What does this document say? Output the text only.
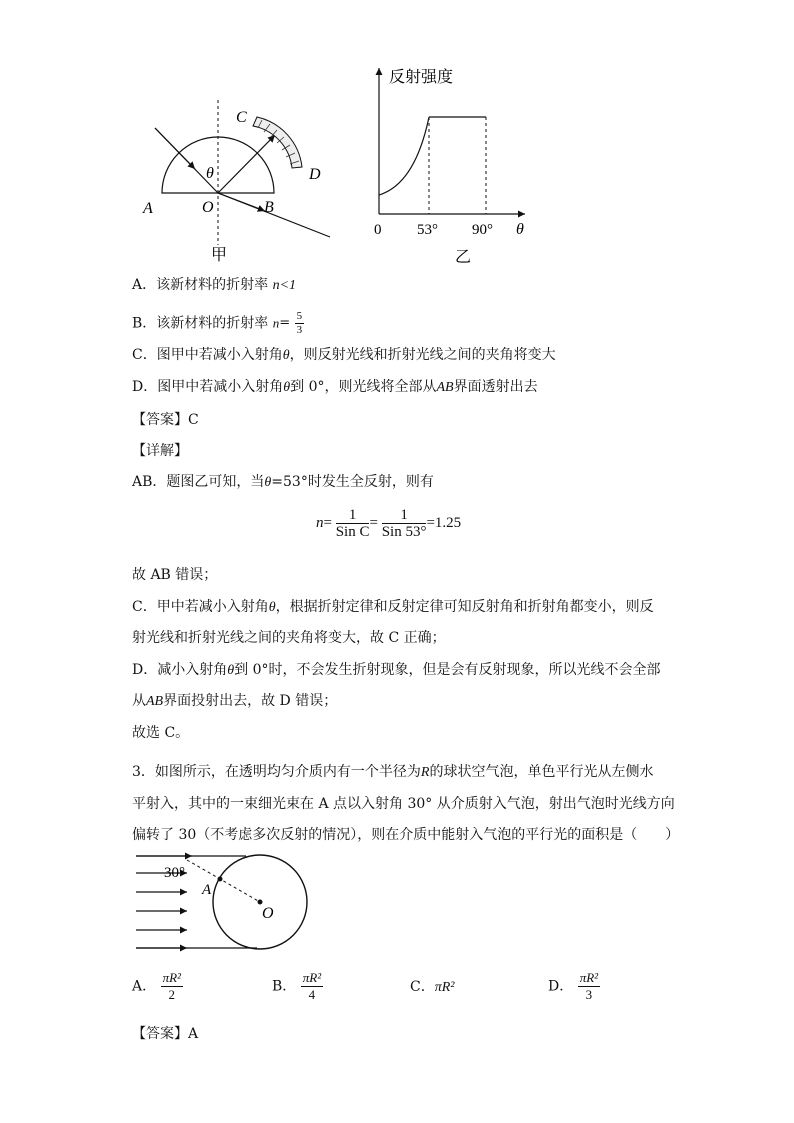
A	O	B
C
D
θ
甲
反射强度
0 53° 90° θ
乙
A．该新材料的折射率 n<1
B．该新材料的折射率 $n= \frac{5}{3}$
C．图甲中若减小入射角θ，则反射光线和折射光线之间的夹角将变大
D．图甲中若减小入射角θ到 0°，则光线将全部从AB界面透射出去
【答案】C
【详解】
AB．题图乙可知，当θ=53°时发生全反射，则有
$n= \frac{1}{\text{Sin C}} = \frac{1}{\text{Sin 53°}} =1.25$
故 AB 错误；
C．甲中若减小入射角θ，根据折射定律和反射定律可知反射角和折射角都变小，则反
射光线和折射光线之间的夹角将变大，故 C 正确；
D．减小入射角θ到 0°时，不会发生折射现象，但是会有反射现象，所以光线不会全部
从AB界面投射出去，故 D 错误；
故选 C。
3．如图所示，在透明均匀介质内有一个半径为R的球状空气泡，单色平行光从左侧水
平射入，其中的一束细光束在 A 点以入射角 30° 从介质射入气泡，射出气泡时光线方向
偏转了 30（不考虑多次反射的情况），则在介质中能射入气泡的平行光的面积是（　　）
30°
A
O
A． $\frac{\text{πR²}}{2}$	B． $\frac{\text{πR²}}{4}$	C．πR²	D． $\frac{\text{πR²}}{3}$
【答案】A
